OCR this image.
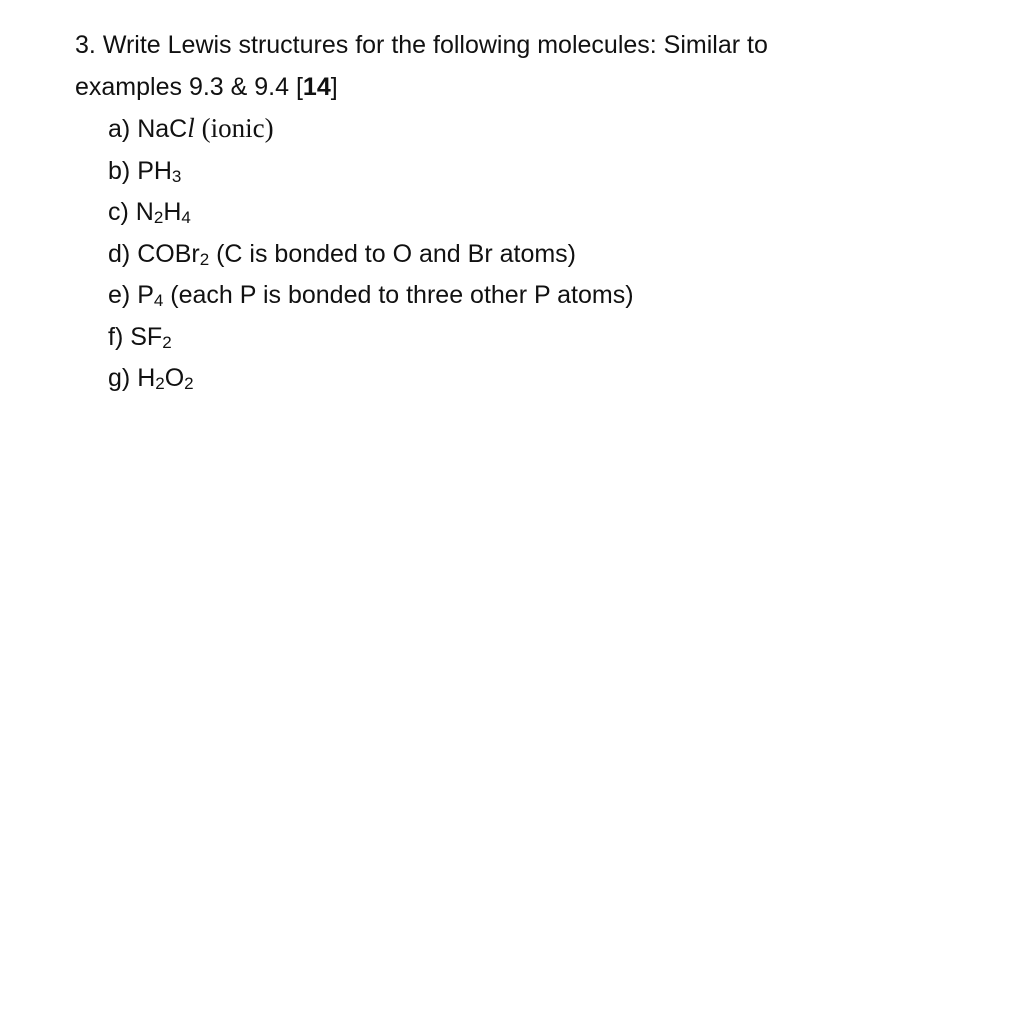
3. Write Lewis structures for the following molecules: Similar to
examples 9.3 & 9.4 [14]
a) NaCl (ionic)
b) $PH_3$
c) $N_2H_4$
d) COBr$_2$ (C is bonded to O and Br atoms)
e) $P_4$ (each P is bonded to three other P atoms)
f) $SF_2$
g) $H_2O_2$
